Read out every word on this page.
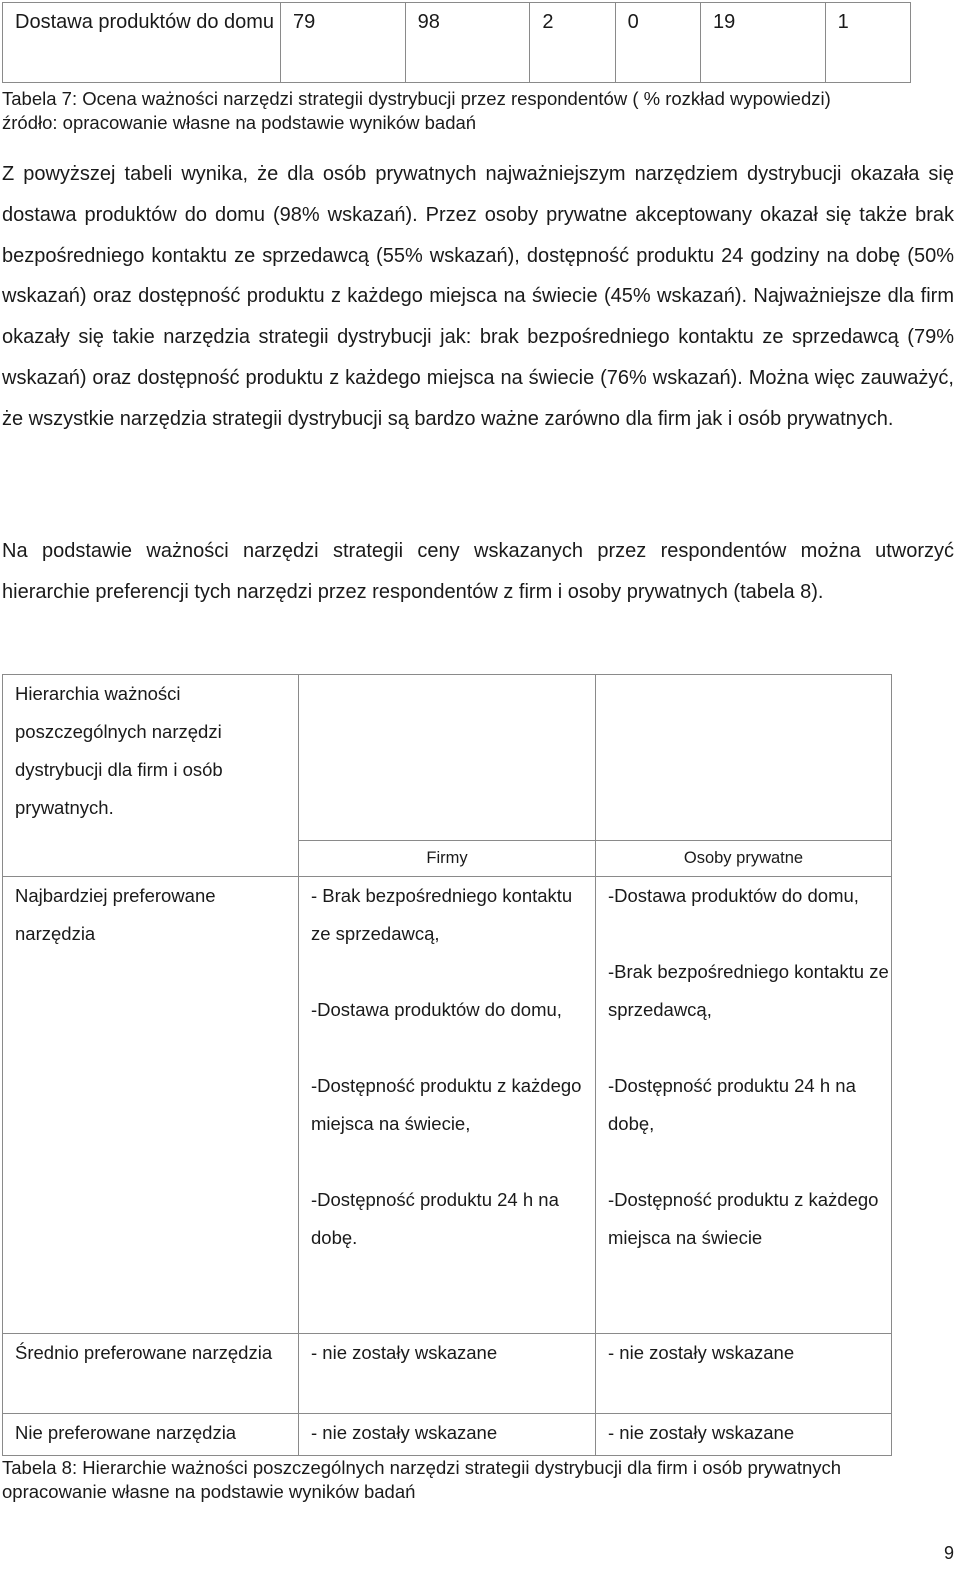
Dostawa produktów do domu	79	98	2	0	19	1
Tabela 7: Ocena ważności narzędzi strategii dystrybucji przez respondentów ( % rozkład wypowiedzi)
źródło: opracowanie własne na podstawie wyników badań

Z powyższej tabeli wynika, że dla osób prywatnych najważniejszym narzędziem dystrybucji okazała się dostawa produktów do domu (98% wskazań). Przez osoby prywatne akceptowany okazał się także brak bezpośredniego kontaktu ze sprzedawcą (55% wskazań), dostępność produktu 24 godziny na dobę (50% wskazań) oraz dostępność produktu z każdego miejsca na świecie (45% wskazań). Najważniejsze dla firm okazały się takie narzędzia strategii dystrybucji jak: brak bezpośredniego kontaktu ze sprzedawcą (79% wskazań) oraz dostępność produktu z każdego miejsca na świecie (76% wskazań). Można więc zauważyć, że wszystkie narzędzia strategii dystrybucji są bardzo ważne zarówno dla firm jak i osób prywatnych.

Na podstawie ważności narzędzi strategii ceny wskazanych przez respondentów można utworzyć hierarchie preferencji tych narzędzi przez respondentów z firm i osoby prywatnych (tabela 8).

Hierarchia ważności poszczególnych narzędzi dystrybucji dla firm i osób prywatnych.		
	Firmy	Osoby prywatne
Najbardziej preferowane narzędzia	- Brak bezpośredniego kontaktu ze sprzedawcą,
-Dostawa produktów do domu,
-Dostępność produktu z każdego miejsca na świecie,
-Dostępność produktu 24 h na dobę.	-Dostawa produktów do domu,
-Brak bezpośredniego kontaktu ze sprzedawcą,
-Dostępność produktu 24 h na dobę,
-Dostępność produktu z każdego miejsca na świecie

Średnio preferowane narzędzia	- nie zostały wskazane	- nie zostały wskazane
Nie preferowane narzędzia	- nie zostały wskazane	- nie zostały wskazane
Tabela 8: Hierarchie ważności poszczególnych narzędzi strategii dystrybucji dla firm i osób prywatnych
opracowanie własne na podstawie wyników badań
9
